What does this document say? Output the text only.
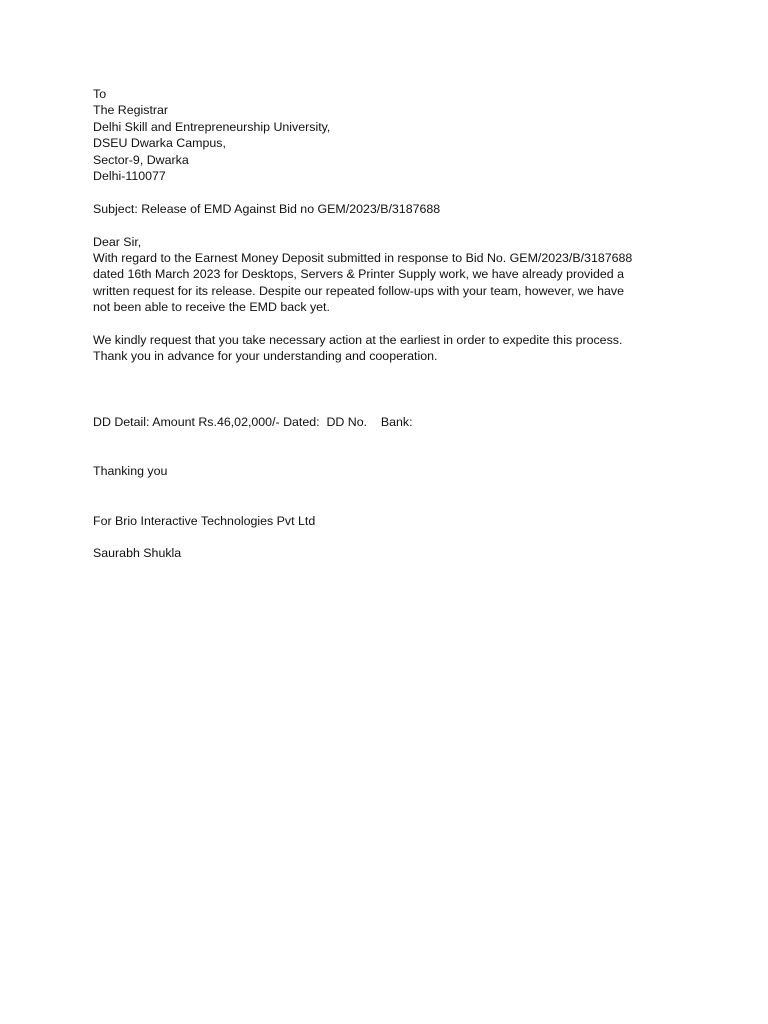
To
The Registrar
Delhi Skill and Entrepreneurship University,
DSEU Dwarka Campus,
Sector-9, Dwarka
Delhi-110077
Subject: Release of EMD Against Bid no GEM/2023/B/3187688
Dear Sir,
With regard to the Earnest Money Deposit submitted in response to Bid No. GEM/2023/B/3187688
dated 16th March 2023 for Desktops, Servers & Printer Supply work, we have already provided a
written request for its release. Despite our repeated follow-ups with your team, however, we have
not been able to receive the EMD back yet.
We kindly request that you take necessary action at the earliest in order to expedite this process.
Thank you in advance for your understanding and cooperation.
DD Detail: Amount Rs.46,02,000/- Dated:  DD No.    Bank:
Thanking you
For Brio Interactive Technologies Pvt Ltd
Saurabh Shukla
